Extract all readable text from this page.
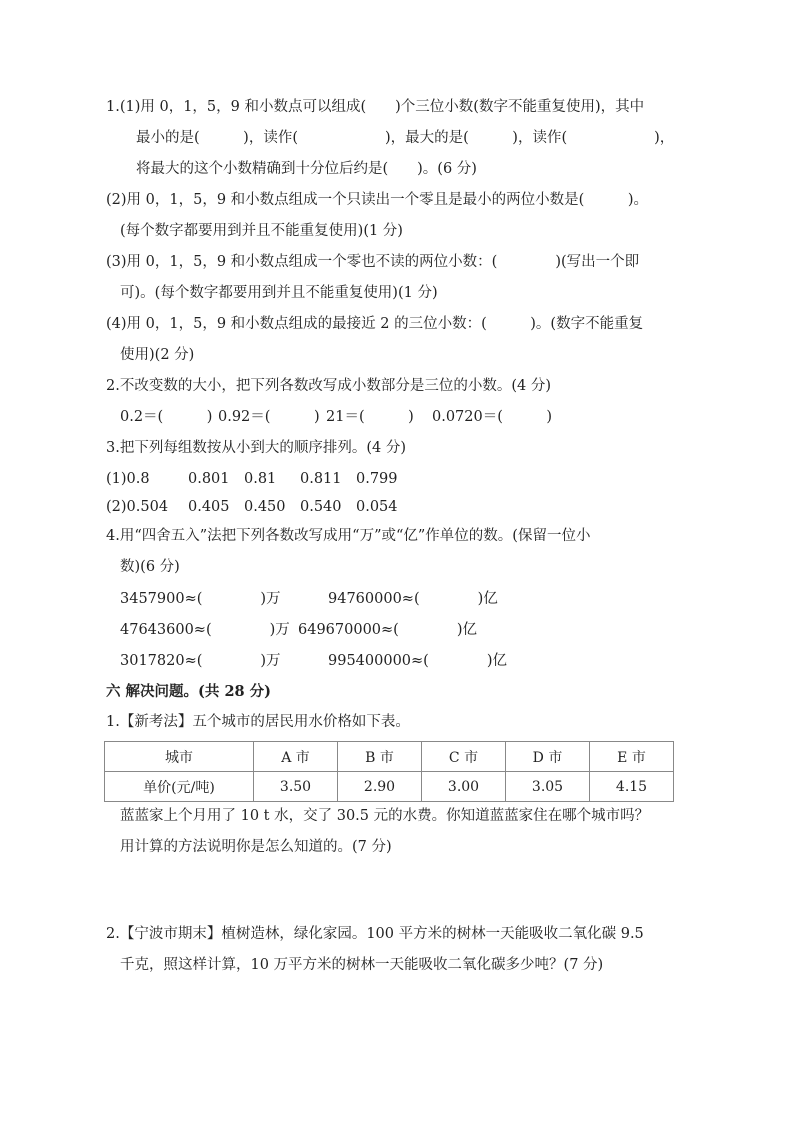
1.(1)用 0，1，5，9 和小数点可以组成(　　)个三位小数(数字不能重复使用)，其中
最小的是(　　　)，读作(　　　　　　)，最大的是(　　　)，读作(　　　　　　)，
将最大的这个小数精确到十分位后约是(　　)。(6 分)
(2)用 0，1，5，9 和小数点组成一个只读出一个零且是最小的两位小数是(　　　)。
(每个数字都要用到并且不能重复使用)(1 分)
(3)用 0，1，5，9 和小数点组成一个零也不读的两位小数：(　　　　)(写出一个即
可)。(每个数字都要用到并且不能重复使用)(1 分)
(4)用 0，1，5，9 和小数点组成的最接近 2 的三位小数：(　　　)。(数字不能重复
使用)(2 分)
2.不改变数的大小，把下列各数改写成小数部分是三位的小数。(4 分)
0.2＝(　　　) 0.92＝(　　　) 21＝(　　　) 0.0720＝(　　　)
3.把下列每组数按从小到大的顺序排列。(4 分)
(1)0.8	0.801 0.81 0.811 0.799
(2)0.504 0.405 0.450 0.540 0.054
4.用“四舍五入”法把下列各数改写成用“万”或“亿”作单位的数。(保留一位小
数)(6 分)
3457900≈(　　　　)万	94760000≈(　　　　)亿
47643600≈(　　　　)万 649670000≈(　　　　)亿
3017820≈(　　　　)万	995400000≈(　　　　)亿
六 解决问题。(共 28 分)
1.【新考法】五个城市的居民用水价格如下表。
城市	A 市	B 市	C 市	D 市	E 市
单价(元/吨)	3.50	2.90	3.00	3.05	4.15
蓝蓝家上个月用了 10 t 水，交了 30.5 元的水费。你知道蓝蓝家住在哪个城市吗？
用计算的方法说明你是怎么知道的。(7 分)
2.【宁波市期末】植树造林，绿化家园。100 平方米的树林一天能吸收二氧化碳 9.5
千克，照这样计算，10 万平方米的树林一天能吸收二氧化碳多少吨？(7 分)
